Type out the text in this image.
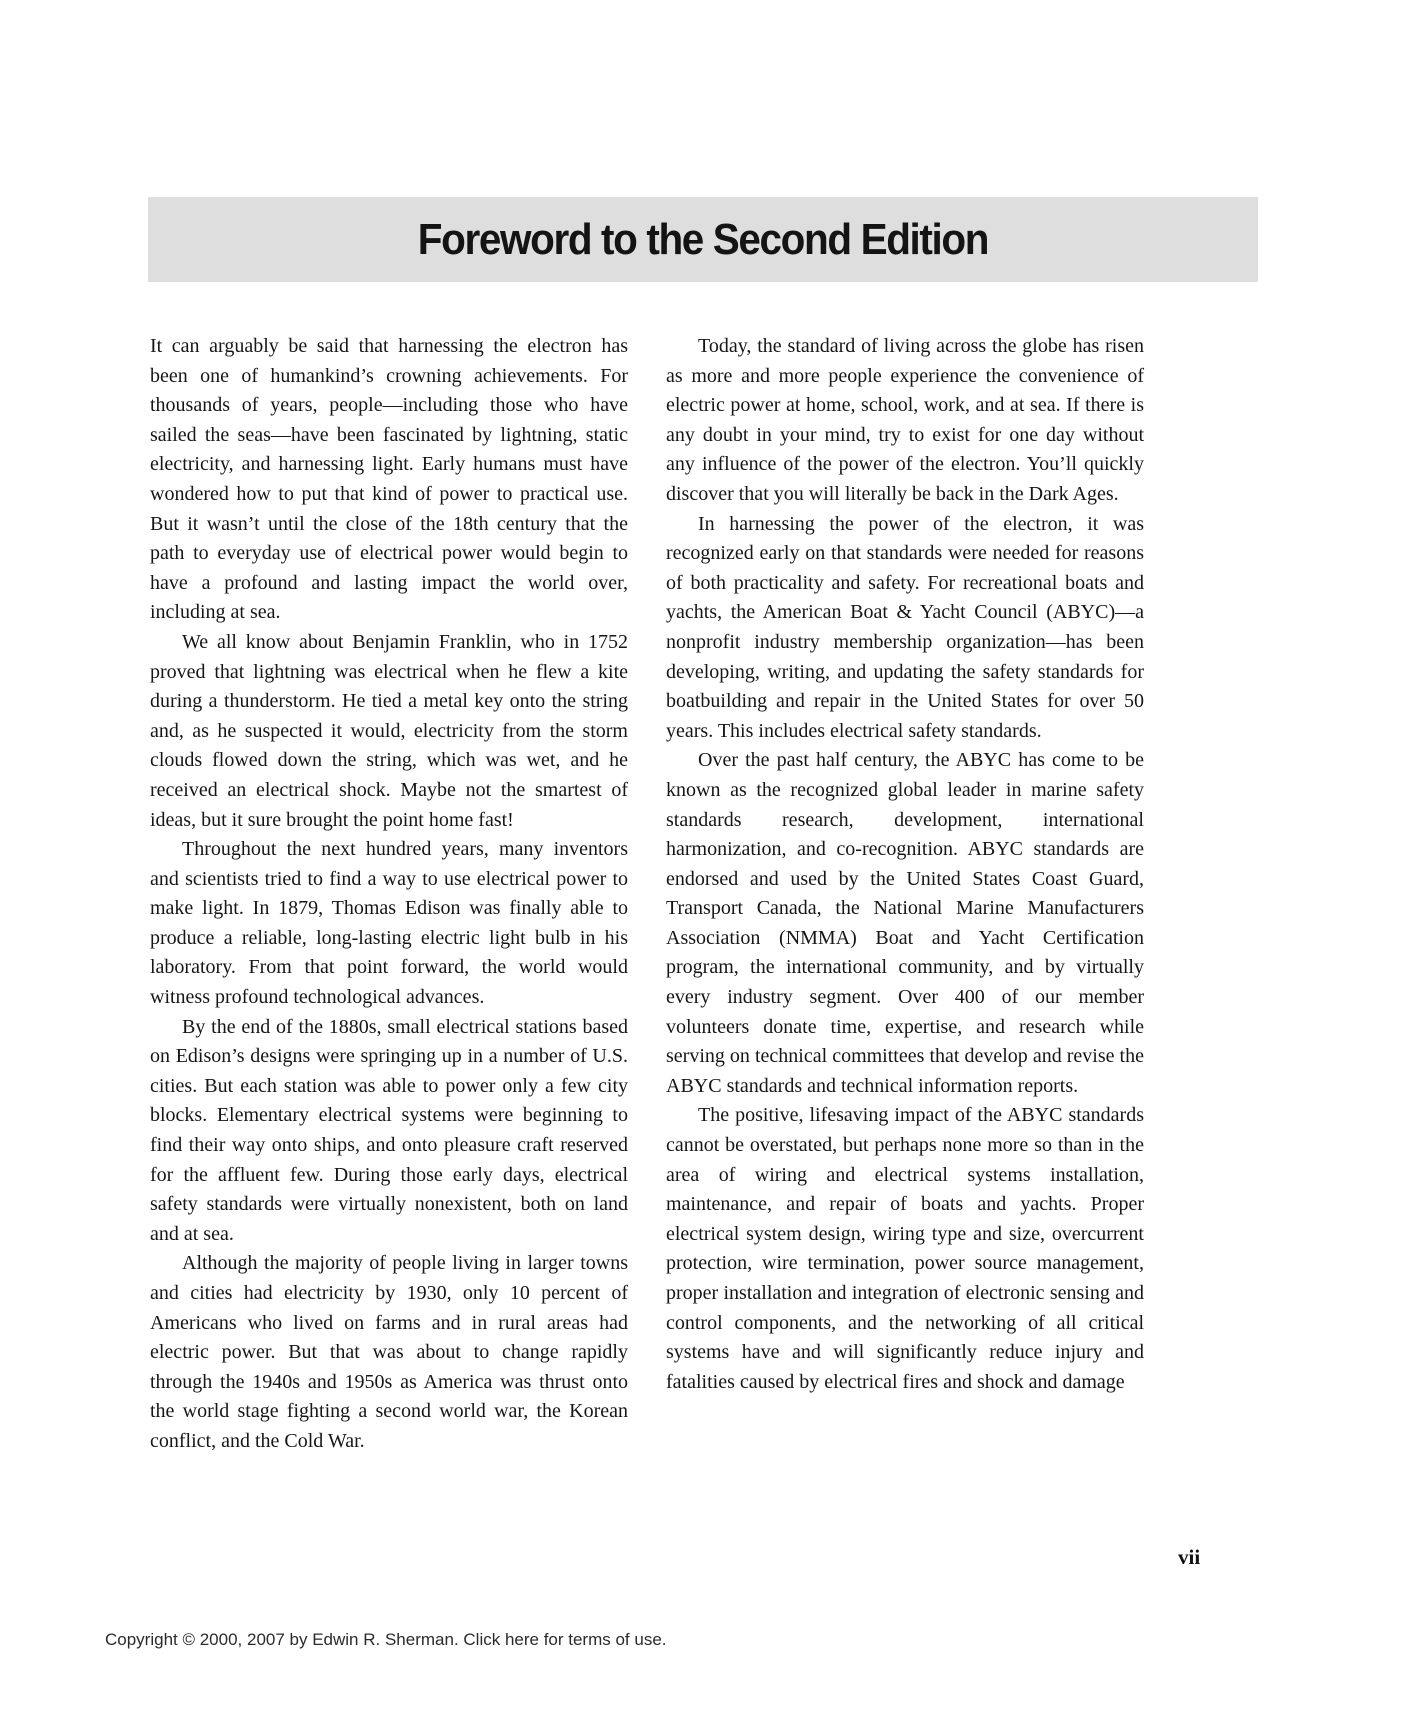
Foreword to the Second Edition

It can arguably be said that harnessing the electron has been one of humankind’s crowning achievements. For thousands of years, people—including those who have sailed the seas—have been fascinated by lightning, static electricity, and harnessing light. Early humans must have wondered how to put that kind of power to practical use. But it wasn’t until the close of the 18th century that the path to everyday use of electrical power would begin to have a profound and lasting impact the world over, including at sea.

We all know about Benjamin Franklin, who in 1752 proved that lightning was electrical when he flew a kite during a thunderstorm. He tied a metal key onto the string and, as he suspected it would, electricity from the storm clouds flowed down the string, which was wet, and he received an electrical shock. Maybe not the smartest of ideas, but it sure brought the point home fast!

Throughout the next hundred years, many inventors and scientists tried to find a way to use electrical power to make light. In 1879, Thomas Edison was finally able to produce a reliable, long-lasting electric light bulb in his laboratory. From that point forward, the world would witness profound technological advances.

By the end of the 1880s, small electrical stations based on Edison’s designs were springing up in a number of U.S. cities. But each station was able to power only a few city blocks. Elementary electrical systems were beginning to find their way onto ships, and onto pleasure craft reserved for the affluent few. During those early days, electrical safety standards were virtually nonexistent, both on land and at sea.

Although the majority of people living in larger towns and cities had electricity by 1930, only 10 percent of Americans who lived on farms and in rural areas had electric power. But that was about to change rapidly through the 1940s and 1950s as America was thrust onto the world stage fighting a second world war, the Korean conflict, and the Cold War.

Today, the standard of living across the globe has risen as more and more people experience the convenience of electric power at home, school, work, and at sea. If there is any doubt in your mind, try to exist for one day without any influence of the power of the electron. You’ll quickly discover that you will literally be back in the Dark Ages.

In harnessing the power of the electron, it was recognized early on that standards were needed for reasons of both practicality and safety. For recreational boats and yachts, the American Boat & Yacht Council (ABYC)—a nonprofit industry membership organization—has been developing, writing, and updating the safety standards for boatbuilding and repair in the United States for over 50 years. This includes electrical safety standards.

Over the past half century, the ABYC has come to be known as the recognized global leader in marine safety standards research, development, international harmonization, and co-recognition. ABYC standards are endorsed and used by the United States Coast Guard, Transport Canada, the National Marine Manufacturers Association (NMMA) Boat and Yacht Certification program, the international community, and by virtually every industry segment. Over 400 of our member volunteers donate time, expertise, and research while serving on technical committees that develop and revise the ABYC standards and technical information reports.

The positive, lifesaving impact of the ABYC standards cannot be overstated, but perhaps none more so than in the area of wiring and electrical systems installation, maintenance, and repair of boats and yachts. Proper electrical system design, wiring type and size, overcurrent protection, wire termination, power source management, proper installation and integration of electronic sensing and control components, and the networking of all critical systems have and will significantly reduce injury and fatalities caused by electrical fires and shock and damage

vii
Copyright © 2000, 2007 by Edwin R. Sherman. Click here for terms of use.
